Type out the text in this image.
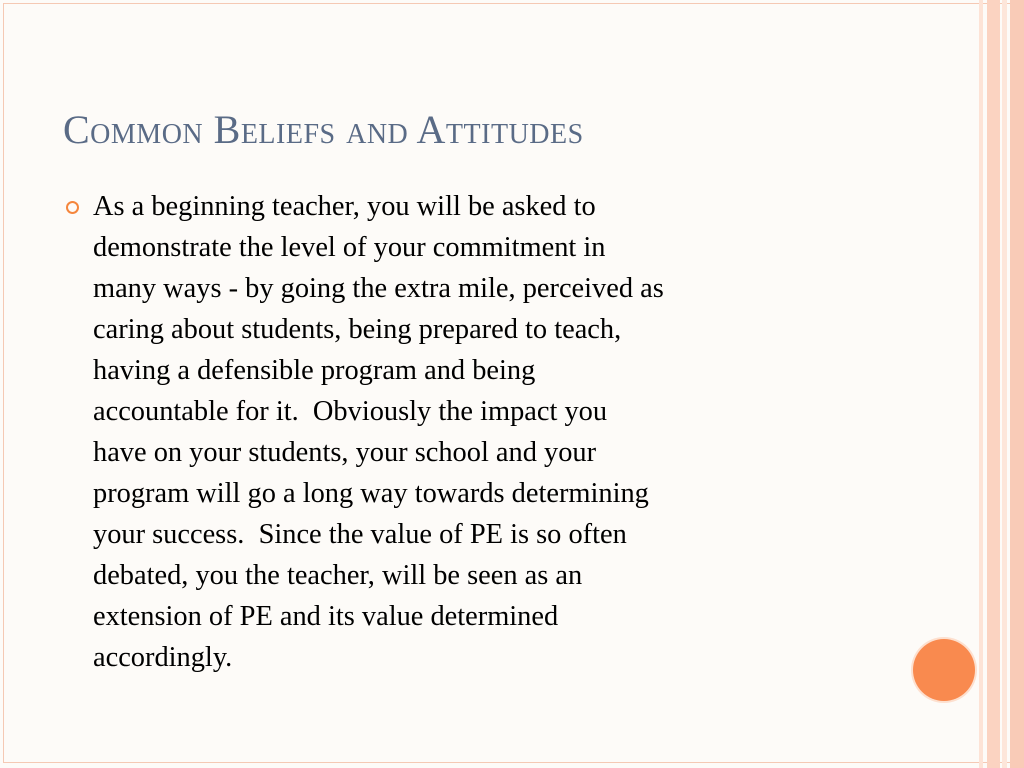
Common Beliefs and Attitudes

As a beginning teacher, you will be asked to
demonstrate the level of your commitment in
many ways - by going the extra mile, perceived as
caring about students, being prepared to teach,
having a defensible program and being
accountable for it.  Obviously the impact you
have on your students, your school and your
program will go a long way towards determining
your success.  Since the value of PE is so often
debated, you the teacher, will be seen as an
extension of PE and its value determined
accordingly.
